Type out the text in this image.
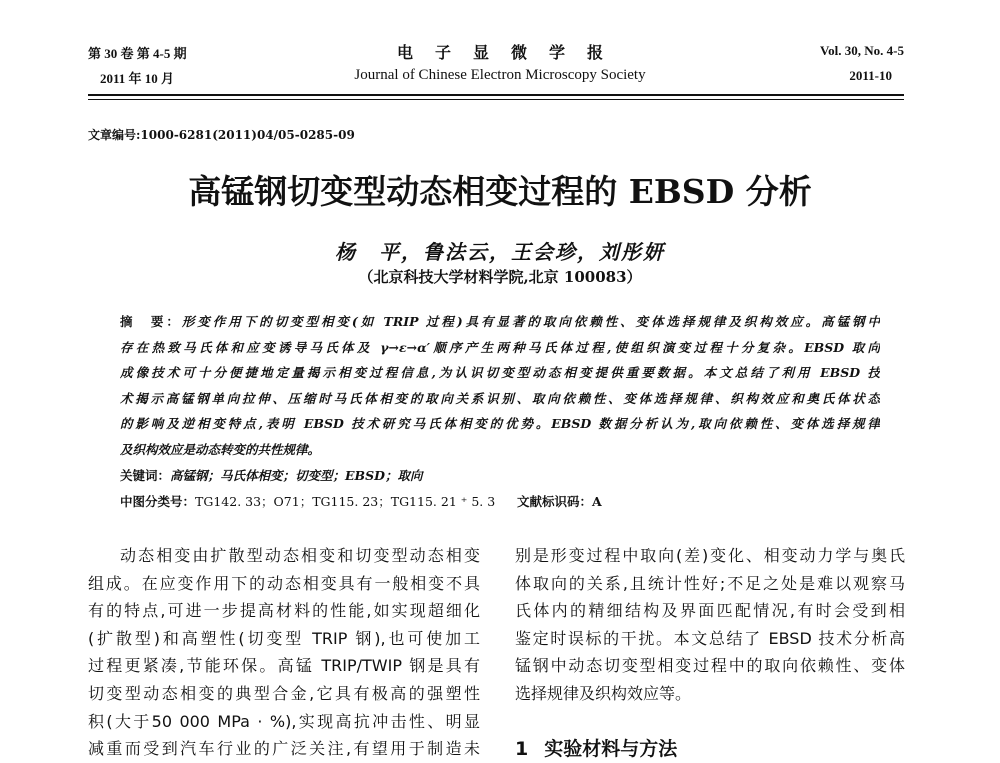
第 30 卷 第 4-5 期
2011 年 10 月
电子显微学报
Journal of Chinese Electron Microscopy Society
Vol. 30, No. 4-5
2011-10
文章编号:1000-6281(2011)04/05-0285-09
高锰钢切变型动态相变过程的 EBSD 分析
杨　平，鲁法云，王会珍，刘彤妍
（北京科技大学材料学院,北京 100083）
摘　要：形变作用下的切变型相变(如 TRIP 过程)具有显著的取向依赖性、变体选择规律及织构效应。高锰钢中
存在热致马氏体和应变诱导马氏体及 γ→ε→α′顺序产生两种马氏体过程,使组织演变过程十分复杂。EBSD 取向
成像技术可十分便捷地定量揭示相变过程信息,为认识切变型动态相变提供重要数据。本文总结了利用 EBSD 技
术揭示高锰钢单向拉伸、压缩时马氏体相变的取向关系识别、取向依赖性、变体选择规律、织构效应和奥氏体状态
的影响及逆相变特点,表明 EBSD 技术研究马氏体相变的优势。EBSD 数据分析认为,取向依赖性、变体选择规律
及织构效应是动态转变的共性规律。
关键词：高锰钢；马氏体相变；切变型；EBSD；取向
中图分类号：TG142. 33；O71；TG115. 23；TG115. 21 ⁺ 5. 3 文献标识码：A
动态相变由扩散型动态相变和切变型动态相变
组成。在应变作用下的动态相变具有一般相变不具
有的特点,可进一步提高材料的性能,如实现超细化
(扩散型)和高塑性(切变型 TRIP 钢),也可使加工
过程更紧凑,节能环保。高锰 TRIP/TWIP 钢是具有
切变型动态相变的典型合金,它具有极高的强塑性
积(大于50 000 MPa · %),实现高抗冲击性、明显
减重而受到汽车行业的广泛关注,有望用于制造未
别是形变过程中取向(差)变化、相变动力学与奥氏
体取向的关系,且统计性好;不足之处是难以观察马
氏体内的精细结构及界面匹配情况,有时会受到相
鉴定时误标的干扰。本文总结了 EBSD 技术分析高
锰钢中动态切变型相变过程中的取向依赖性、变体
选择规律及织构效应等。
1 实验材料与方法
